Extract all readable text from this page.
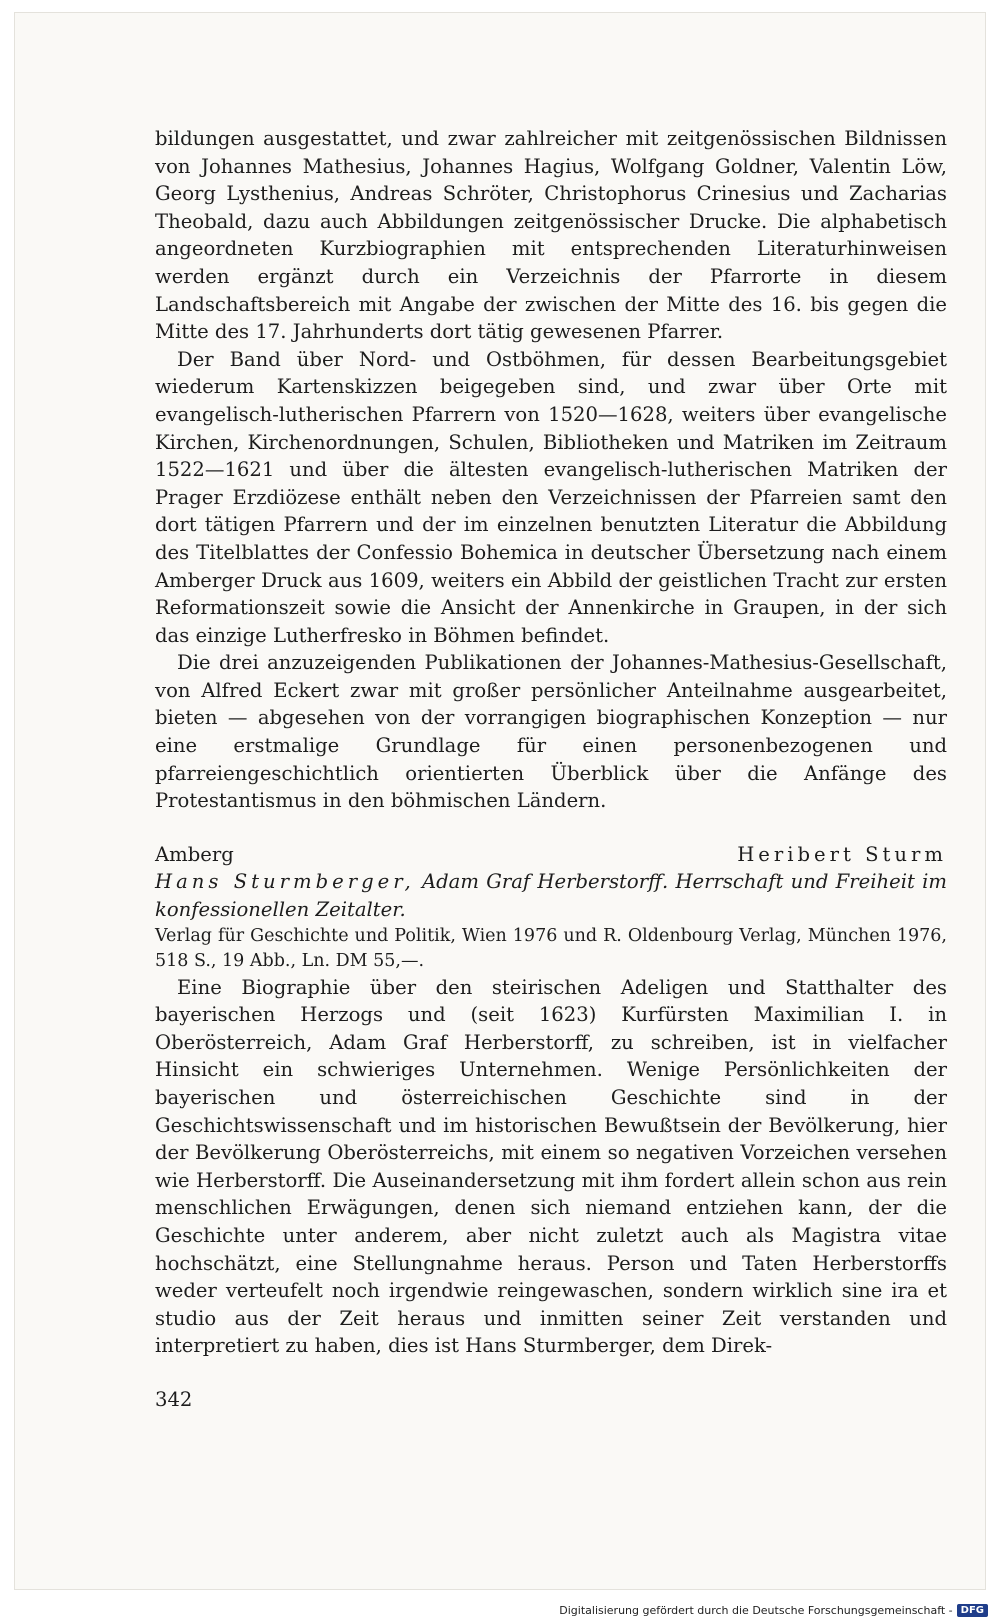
bildungen ausgestattet, und zwar zahlreicher mit zeitgenössischen Bildnissen von Johannes Mathesius, Johannes Hagius, Wolfgang Goldner, Valentin Löw, Georg Lysthenius, Andreas Schröter, Christophorus Crinesius und Zacharias Theobald, dazu auch Abbildungen zeitgenössischer Drucke. Die alphabetisch angeordneten Kurzbiographien mit entsprechenden Literaturhinweisen werden ergänzt durch ein Verzeichnis der Pfarrorte in diesem Landschaftsbereich mit Angabe der zwischen der Mitte des 16. bis gegen die Mitte des 17. Jahrhunderts dort tätig gewesenen Pfarrer.

Der Band über Nord- und Ostböhmen, für dessen Bearbeitungsgebiet wiederum Kartenskizzen beigegeben sind, und zwar über Orte mit evangelisch-lutherischen Pfarrern von 1520—1628, weiters über evangelische Kirchen, Kirchenordnungen, Schulen, Bibliotheken und Matriken im Zeitraum 1522—1621 und über die ältesten evangelisch-lutherischen Matriken der Prager Erzdiözese enthält neben den Verzeichnissen der Pfarreien samt den dort tätigen Pfarrern und der im einzelnen benutzten Literatur die Abbildung des Titelblattes der Confessio Bohemica in deutscher Übersetzung nach einem Amberger Druck aus 1609, weiters ein Abbild der geistlichen Tracht zur ersten Reformationszeit sowie die Ansicht der Annenkirche in Graupen, in der sich das einzige Lutherfresko in Böhmen befindet.

Die drei anzuzeigenden Publikationen der Johannes-Mathesius-Gesellschaft, von Alfred Eckert zwar mit großer persönlicher Anteilnahme ausgearbeitet, bieten — abgesehen von der vorrangigen biographischen Konzeption — nur eine erstmalige Grundlage für einen personenbezogenen und pfarreiengeschichtlich orientierten Überblick über die Anfänge des Protestantismus in den böhmischen Ländern.

Amberg	Heribert Sturm

Hans Sturmberger, Adam Graf Herberstorff. Herrschaft und Freiheit im konfessionellen Zeitalter.

Verlag für Geschichte und Politik, Wien 1976 und R. Oldenbourg Verlag, München 1976, 518 S., 19 Abb., Ln. DM 55,—.

Eine Biographie über den steirischen Adeligen und Statthalter des bayerischen Herzogs und (seit 1623) Kurfürsten Maximilian I. in Oberösterreich, Adam Graf Herberstorff, zu schreiben, ist in vielfacher Hinsicht ein schwieriges Unternehmen. Wenige Persönlichkeiten der bayerischen und österreichischen Geschichte sind in der Geschichtswissenschaft und im historischen Bewußtsein der Bevölkerung, hier der Bevölkerung Oberösterreichs, mit einem so negativen Vorzeichen versehen wie Herberstorff. Die Auseinandersetzung mit ihm fordert allein schon aus rein menschlichen Erwägungen, denen sich niemand entziehen kann, der die Geschichte unter anderem, aber nicht zuletzt auch als Magistra vitae hochschätzt, eine Stellungnahme heraus. Person und Taten Herberstorffs weder verteufelt noch irgendwie reingewaschen, sondern wirklich sine ira et studio aus der Zeit heraus und inmitten seiner Zeit verstanden und interpretiert zu haben, dies ist Hans Sturmberger, dem Direk-

342
Digitalisierung gefördert durch die Deutsche Forschungsgemeinschaft - DFG
